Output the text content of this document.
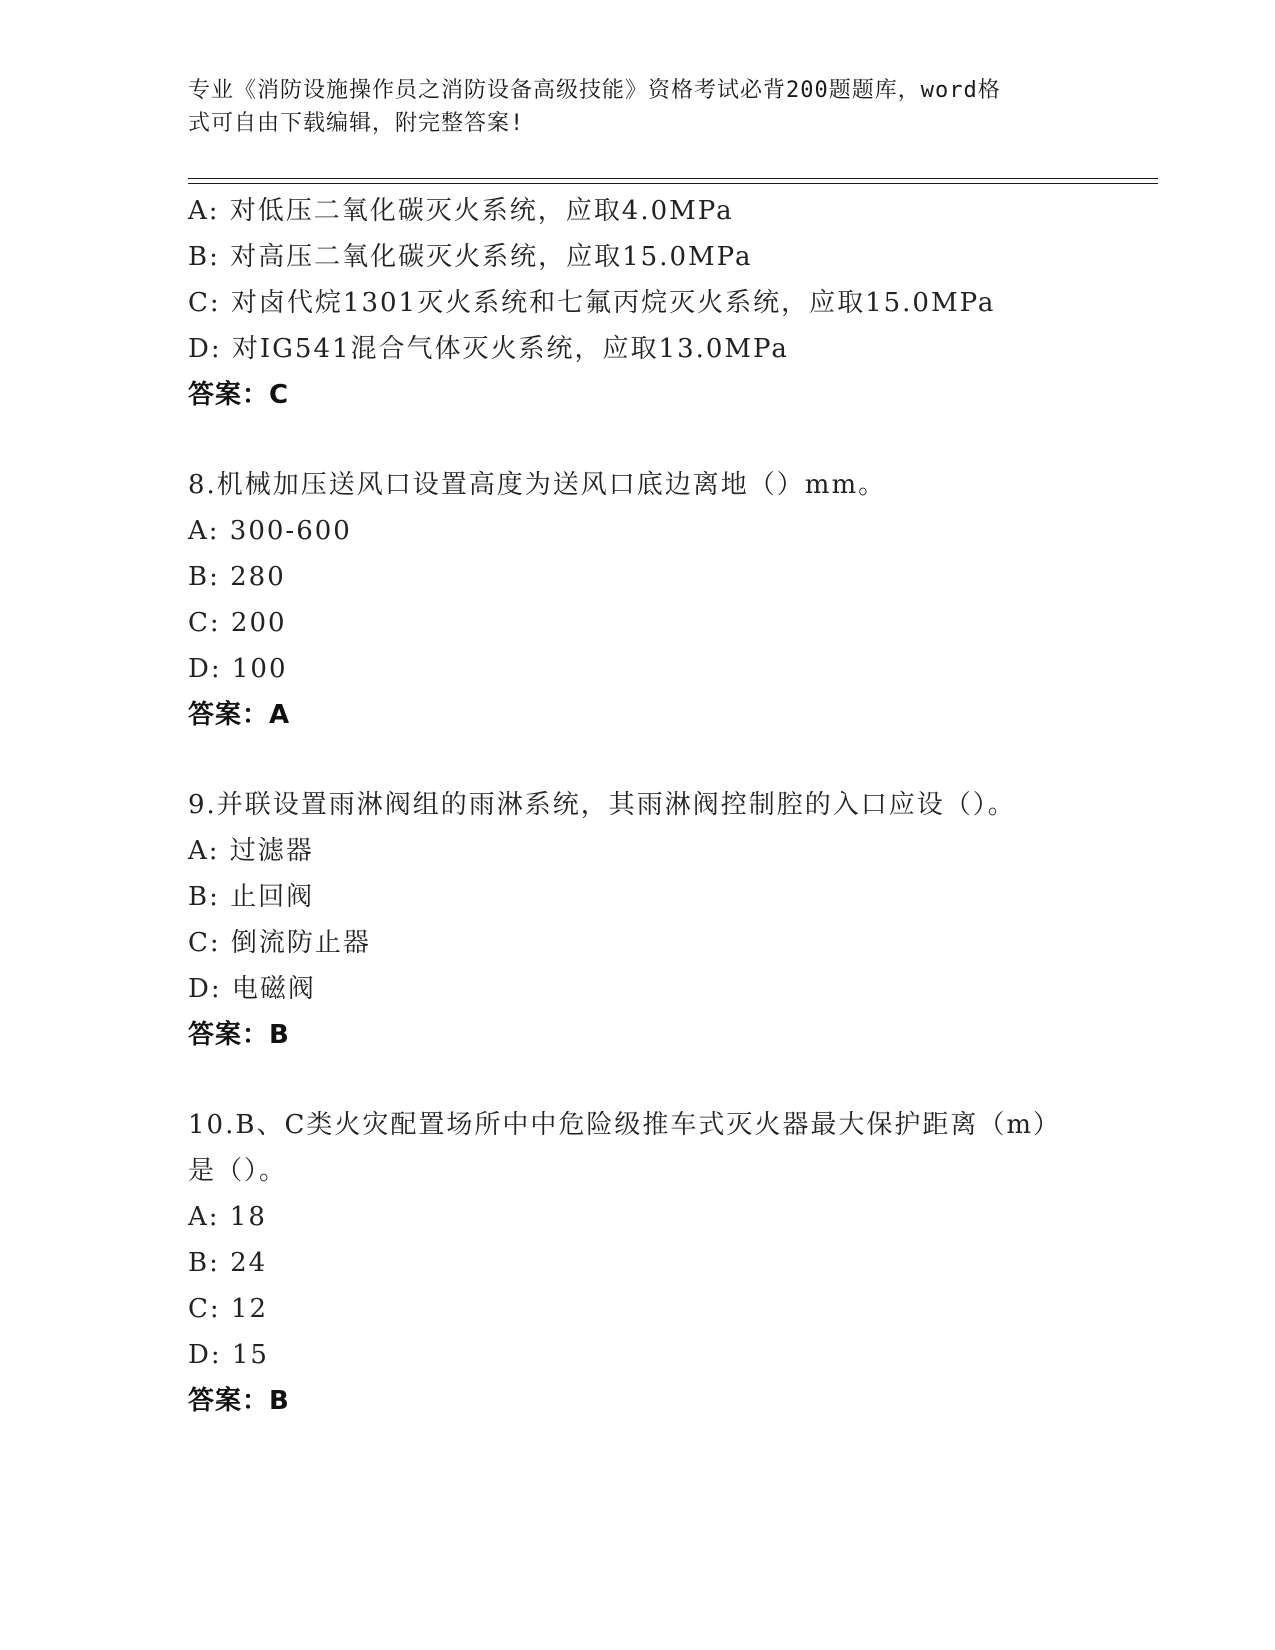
专业《消防设施操作员之消防设备高级技能》资格考试必背200题题库，word格
式可自由下载编辑，附完整答案!
A: 对低压二氧化碳灭火系统，应取4.0MPa
B: 对高压二氧化碳灭火系统，应取15.0MPa
C: 对卤代烷1301灭火系统和七氟丙烷灭火系统，应取15.0MPa
D: 对IG541混合气体灭火系统，应取13.0MPa
答案：C
8.机械加压送风口设置高度为送风口底边离地（）mm。
A: 300-600
B: 280
C: 200
D: 100
答案：A
9.并联设置雨淋阀组的雨淋系统，其雨淋阀控制腔的入口应设（）。
A: 过滤器
B: 止回阀
C: 倒流防止器
D: 电磁阀
答案：B
10.B、C类火灾配置场所中中危险级推车式灭火器最大保护距离（m）
是（）。
A: 18
B: 24
C: 12
D: 15
答案：B
